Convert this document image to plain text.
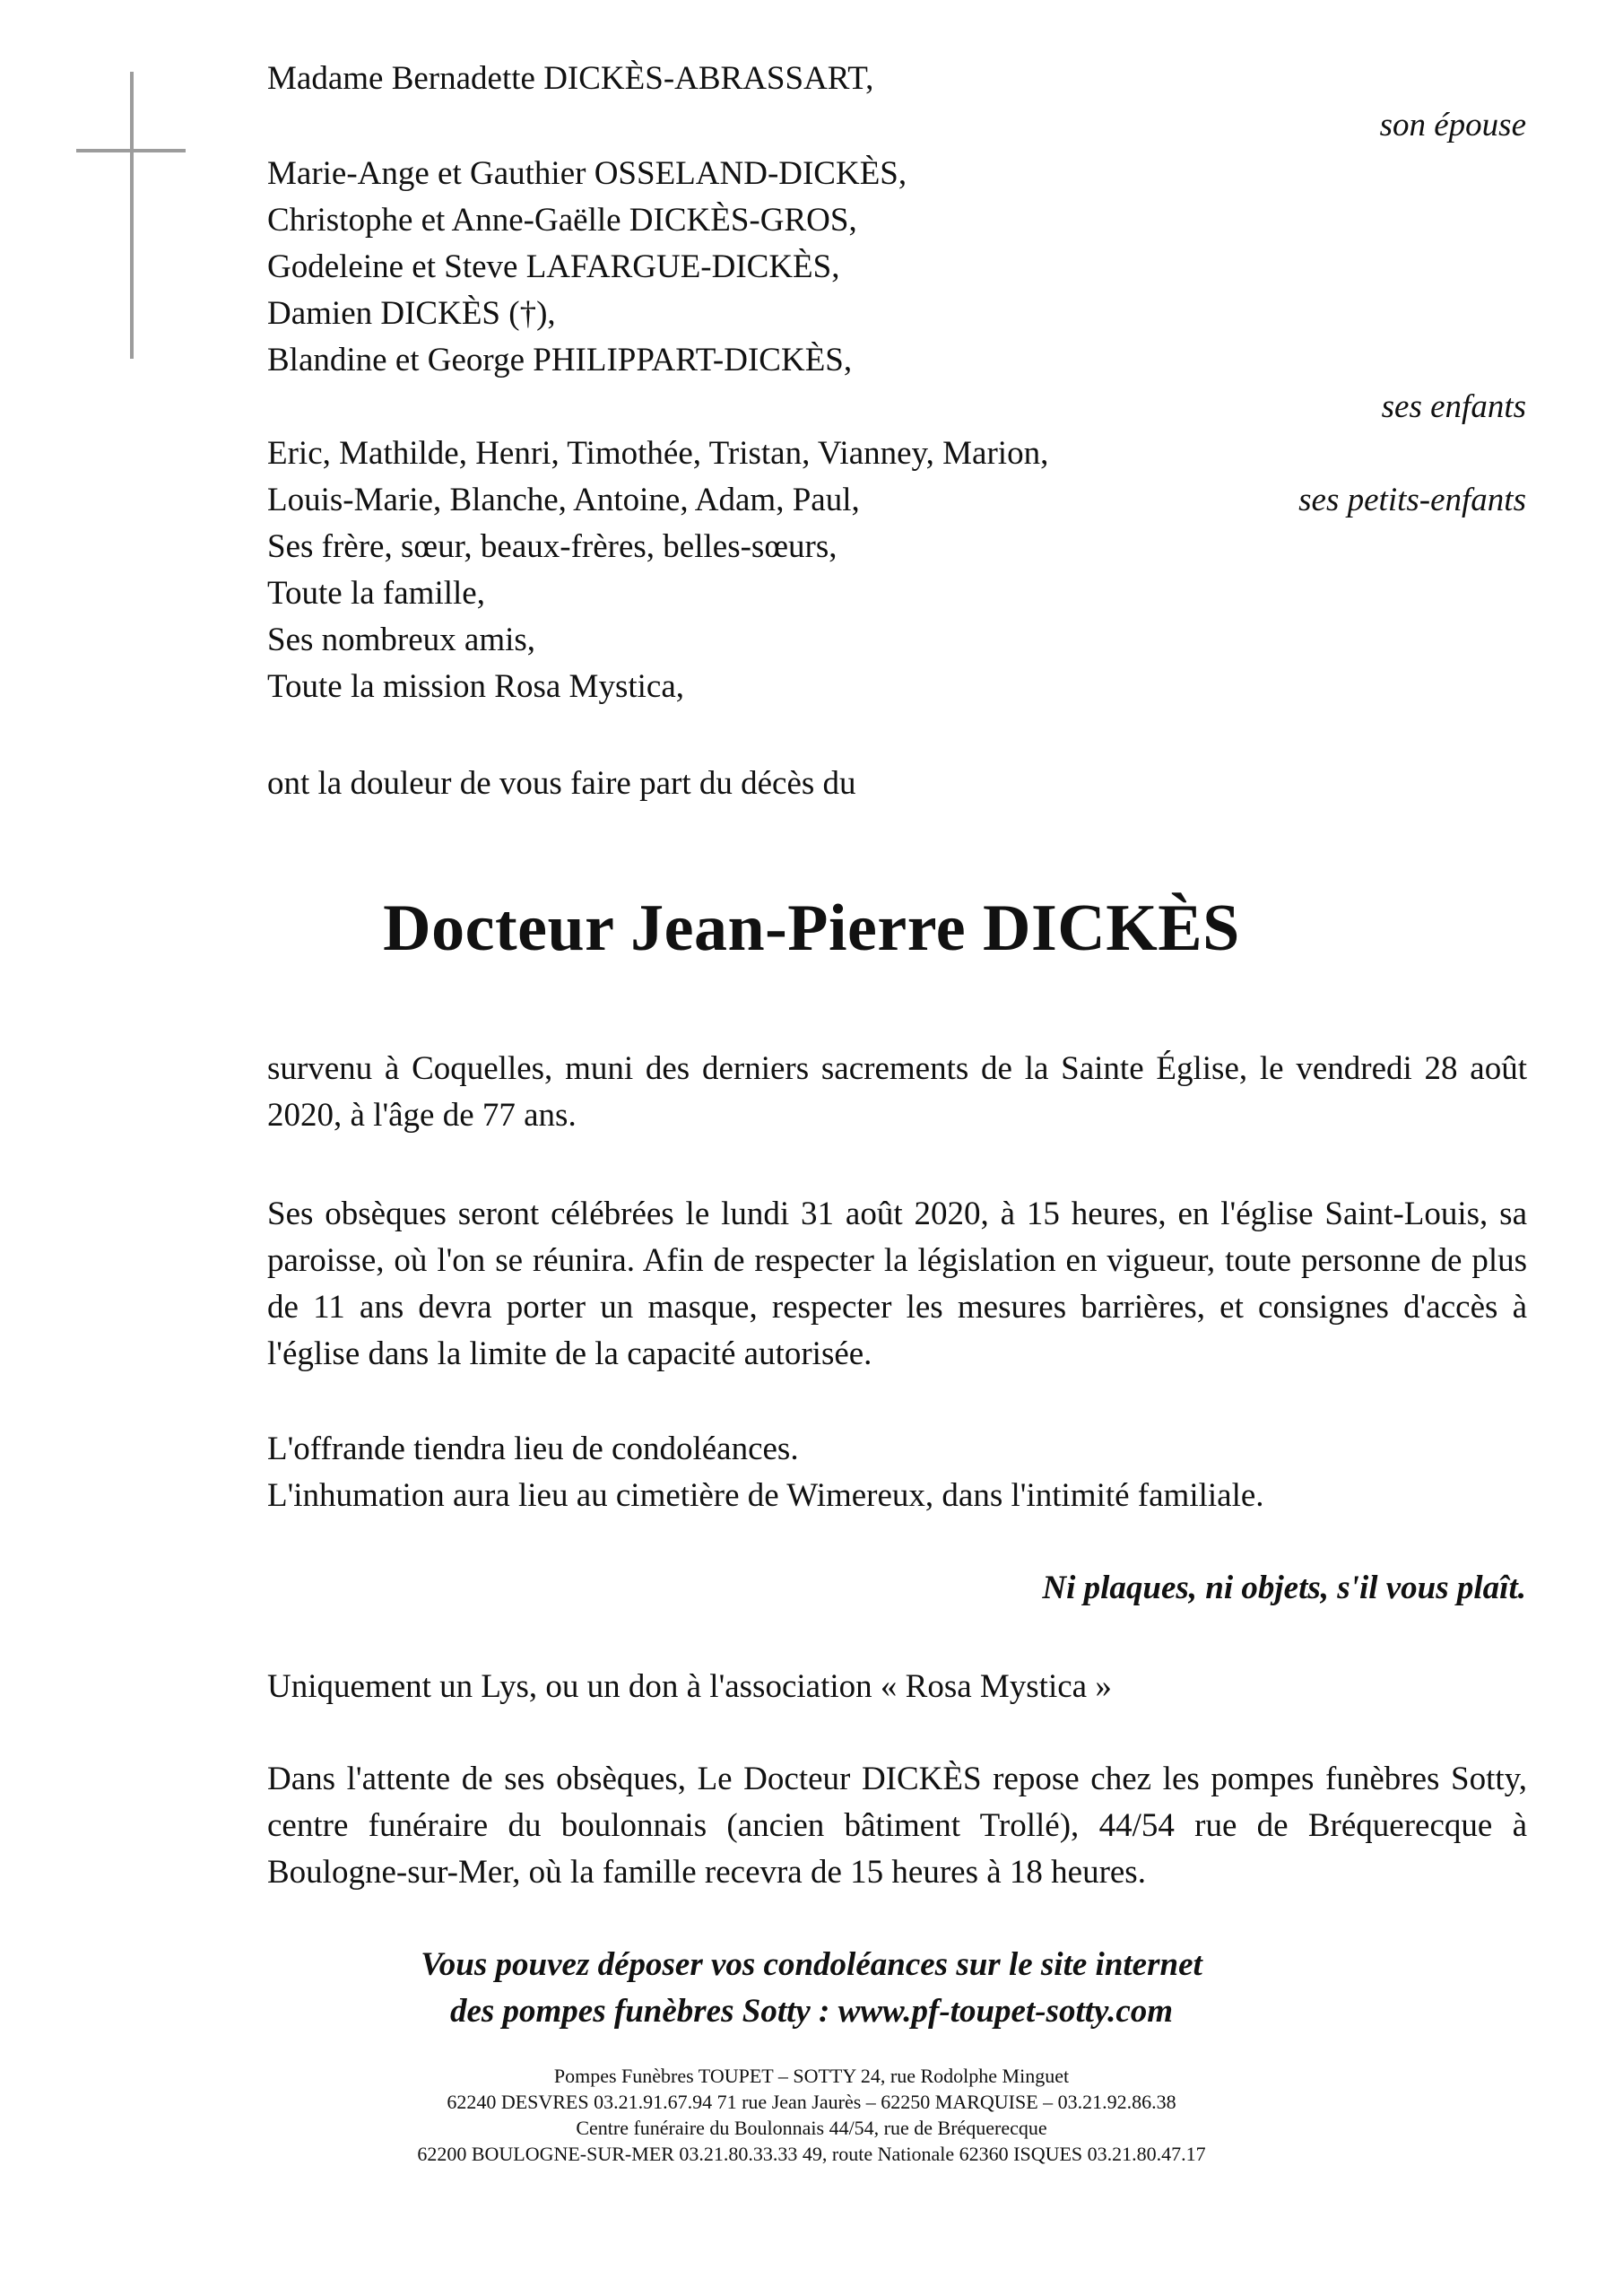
Madame Bernadette DICKÈS-ABRASSART,
son épouse
Marie-Ange et Gauthier OSSELAND-DICKÈS,
Christophe et Anne-Gaëlle DICKÈS-GROS,
Godeleine et Steve LAFARGUE-DICKÈS,
Damien DICKÈS (†),
Blandine et George PHILIPPART-DICKÈS,
ses enfants
Eric, Mathilde, Henri, Timothée, Tristan, Vianney, Marion,
Louis-Marie, Blanche, Antoine, Adam, Paul,	ses petits-enfants
Ses frère, sœur, beaux-frères, belles-sœurs,
Toute la famille,
Ses nombreux amis,
Toute la mission Rosa Mystica,
ont la douleur de vous faire part du décès du
Docteur Jean-Pierre DICKÈS
survenu à Coquelles, muni des derniers sacrements de la Sainte Église, le vendredi 28 août 2020, à l'âge de 77 ans.
Ses obsèques seront célébrées le lundi 31 août 2020, à 15 heures, en l'église Saint-Louis, sa paroisse, où l'on se réunira. Afin de respecter la législation en vigueur, toute personne de plus de 11 ans devra porter un masque, respecter les mesures barrières, et consignes d'accès à l'église dans la limite de la capacité autorisée.
L'offrande tiendra lieu de condoléances.
L'inhumation aura lieu au cimetière de Wimereux, dans l'intimité familiale.
Ni plaques, ni objets, s'il vous plaît.
Uniquement un Lys, ou un don à l'association « Rosa Mystica »
Dans l'attente de ses obsèques, Le Docteur DICKÈS repose chez les pompes funèbres Sotty, centre funéraire du boulonnais (ancien bâtiment Trollé), 44/54 rue de Bréquerecque à Boulogne-sur-Mer, où la famille recevra de 15 heures à 18 heures.
Vous pouvez déposer vos condoléances sur le site internet
des pompes funèbres Sotty : www.pf-toupet-sotty.com
Pompes Funèbres TOUPET – SOTTY 24, rue Rodolphe Minguet
62240 DESVRES 03.21.91.67.94 71 rue Jean Jaurès – 62250 MARQUISE – 03.21.92.86.38
Centre funéraire du Boulonnais 44/54, rue de Bréquerecque
62200 BOULOGNE-SUR-MER 03.21.80.33.33 49, route Nationale 62360 ISQUES 03.21.80.47.17
